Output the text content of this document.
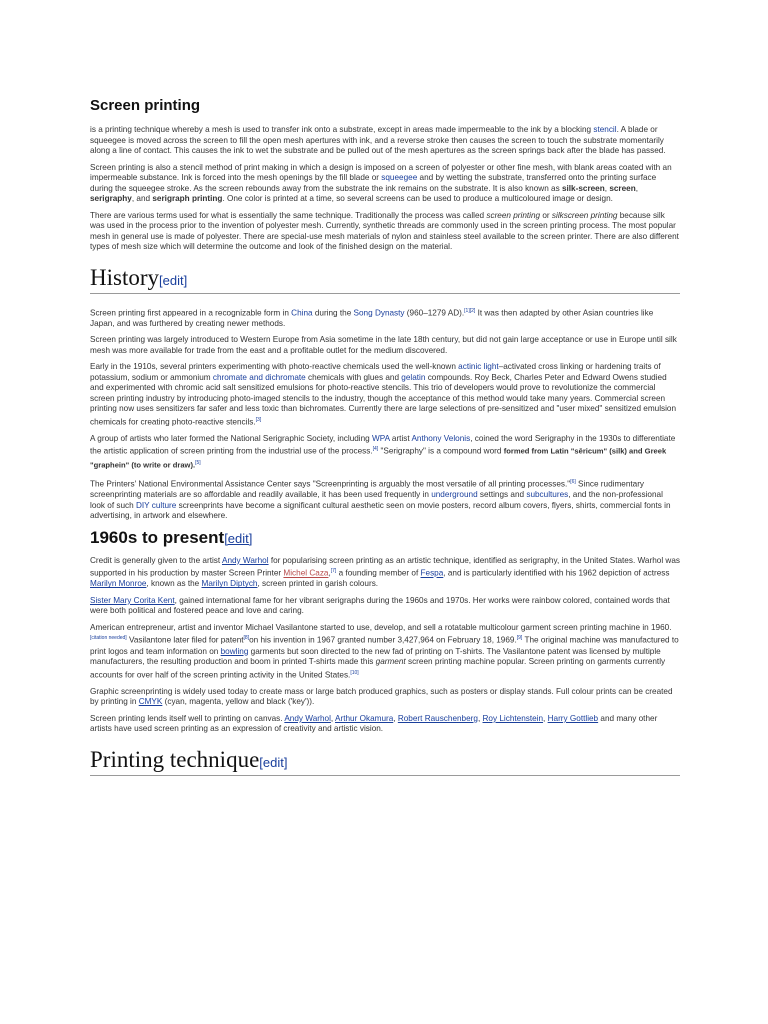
Screen printing

is a printing technique whereby a mesh is used to transfer ink onto a substrate, except in areas made impermeable to the ink by a blocking stencil. A blade or squeegee is moved across the screen to fill the open mesh apertures with ink, and a reverse stroke then causes the screen to touch the substrate momentarily along a line of contact. This causes the ink to wet the substrate and be pulled out of the mesh apertures as the screen springs back after the blade has passed.

Screen printing is also a stencil method of print making in which a design is imposed on a screen of polyester or other fine mesh, with blank areas coated with an impermeable substance. Ink is forced into the mesh openings by the fill blade or squeegee and by wetting the substrate, transferred onto the printing surface during the squeegee stroke. As the screen rebounds away from the substrate the ink remains on the substrate. It is also known as silk-screen, screen, serigraphy, and serigraph printing. One color is printed at a time, so several screens can be used to produce a multicoloured image or design.

There are various terms used for what is essentially the same technique. Traditionally the process was called screen printing or silkscreen printing because silk was used in the process prior to the invention of polyester mesh. Currently, synthetic threads are commonly used in the screen printing process. The most popular mesh in general use is made of polyester. There are special-use mesh materials of nylon and stainless steel available to the screen printer. There are also different types of mesh size which will determine the outcome and look of the finished design on the material.

History[edit]

Screen printing first appeared in a recognizable form in China during the Song Dynasty (960–1279 AD).[1][2] It was then adapted by other Asian countries like Japan, and was furthered by creating newer methods.

Screen printing was largely introduced to Western Europe from Asia sometime in the late 18th century, but did not gain large acceptance or use in Europe until silk mesh was more available for trade from the east and a profitable outlet for the medium discovered.

Early in the 1910s, several printers experimenting with photo-reactive chemicals used the well-known actinic light–activated cross linking or hardening traits of potassium, sodium or ammonium chromate and dichromate chemicals with glues and gelatin compounds. Roy Beck, Charles Peter and Edward Owens studied and experimented with chromic acid salt sensitized emulsions for photo-reactive stencils. This trio of developers would prove to revolutionize the commercial screen printing industry by introducing photo-imaged stencils to the industry, though the acceptance of this method would take many years. Commercial screen printing now uses sensitizers far safer and less toxic than bichromates. Currently there are large selections of pre-sensitized and "user mixed" sensitized emulsion chemicals for creating photo-reactive stencils.[3]

A group of artists who later formed the National Serigraphic Society, including WPA artist Anthony Velonis, coined the word Serigraphy in the 1930s to differentiate the artistic application of screen printing from the industrial use of the process.[4] "Serigraphy" is a compound word formed from Latin "sēricum" (silk) and Greek "graphein" (to write or draw).[5]

The Printers' National Environmental Assistance Center says "Screenprinting is arguably the most versatile of all printing processes."[6] Since rudimentary screenprinting materials are so affordable and readily available, it has been used frequently in underground settings and subcultures, and the non-professional look of such DIY culture screenprints have become a significant cultural aesthetic seen on movie posters, record album covers, flyers, shirts, commercial fonts in advertising, in artwork and elsewhere.

1960s to present[edit]

Credit is generally given to the artist Andy Warhol for popularising screen printing as an artistic technique, identified as serigraphy, in the United States. Warhol was supported in his production by master Screen Printer Michel Caza,[7] a founding member of Fespa, and is particularly identified with his 1962 depiction of actress Marilyn Monroe, known as the Marilyn Diptych, screen printed in garish colours.

Sister Mary Corita Kent, gained international fame for her vibrant serigraphs during the 1960s and 1970s. Her works were rainbow colored, contained words that were both political and fostered peace and love and caring.

American entrepreneur, artist and inventor Michael Vasilantone started to use, develop, and sell a rotatable multicolour garment screen printing machine in 1960.[citation needed] Vasilantone later filed for patent[8]on his invention in 1967 granted number 3,427,964 on February 18, 1969.[9] The original machine was manufactured to print logos and team information on bowling garments but soon directed to the new fad of printing on T-shirts. The Vasilantone patent was licensed by multiple manufacturers, the resulting production and boom in printed T-shirts made this garment screen printing machine popular. Screen printing on garments currently accounts for over half of the screen printing activity in the United States.[10]

Graphic screenprinting is widely used today to create mass or large batch produced graphics, such as posters or display stands. Full colour prints can be created by printing in CMYK (cyan, magenta, yellow and black ('key')).

Screen printing lends itself well to printing on canvas. Andy Warhol, Arthur Okamura, Robert Rauschenberg, Roy Lichtenstein, Harry Gottlieb and many other artists have used screen printing as an expression of creativity and artistic vision.

Printing technique[edit]
